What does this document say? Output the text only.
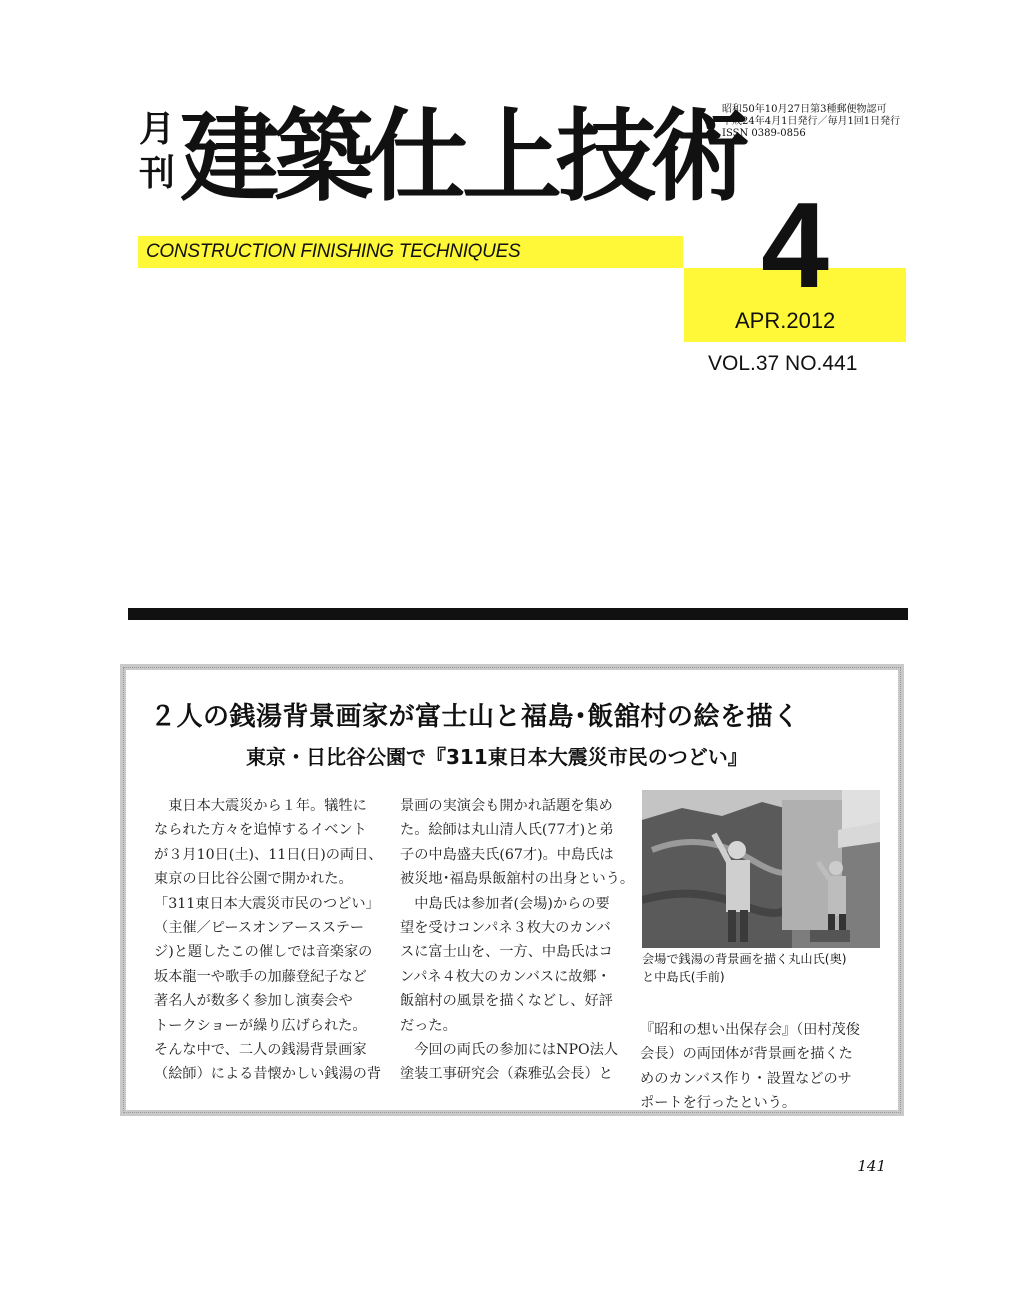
月
刊 建築仕上技術
CONSTRUCTION FINISHING TECHNIQUES
昭和50年10月27日第3種郵便物認可
平成24年4月1日発行／毎月1回1日発行
ISSN 0389-0856
4
APR.2012
VOL.37 NO.441
２人の銭湯背景画家が富士山と福島･飯舘村の絵を描く
東京・日比谷公園で『311東日本大震災市民のつどい』
　東日本大震災から１年。犠牲に
なられた方々を追悼するイベント
が３月10日(土)、11日(日)の両日、
東京の日比谷公園で開かれた。
「311東日本大震災市民のつどい」
（主催／ピースオンアースステー
ジ)と題したこの催しでは音楽家の
坂本龍一や歌手の加藤登紀子など
著名人が数多く参加し演奏会や
トークショーが繰り広げられた。
そんな中で、二人の銭湯背景画家
（絵師）による昔懐かしい銭湯の背
景画の実演会も開かれ話題を集め
た。絵師は丸山清人氏(77才)と弟
子の中島盛夫氏(67才)。中島氏は
被災地･福島県飯舘村の出身という。
　中島氏は参加者(会場)からの要
望を受けコンパネ３枚大のカンバ
スに富士山を、一方、中島氏はコ
ンパネ４枚大のカンバスに故郷・
飯舘村の風景を描くなどし、好評
だった。
　今回の両氏の参加にはNPO法人
塗装工事研究会（森雅弘会長）と
会場で銭湯の背景画を描く丸山氏(奥)
と中島氏(手前)
『昭和の想い出保存会』（田村茂俊
会長）の両団体が背景画を描くた
めのカンバス作り・設置などのサ
ポートを行ったという。
141
